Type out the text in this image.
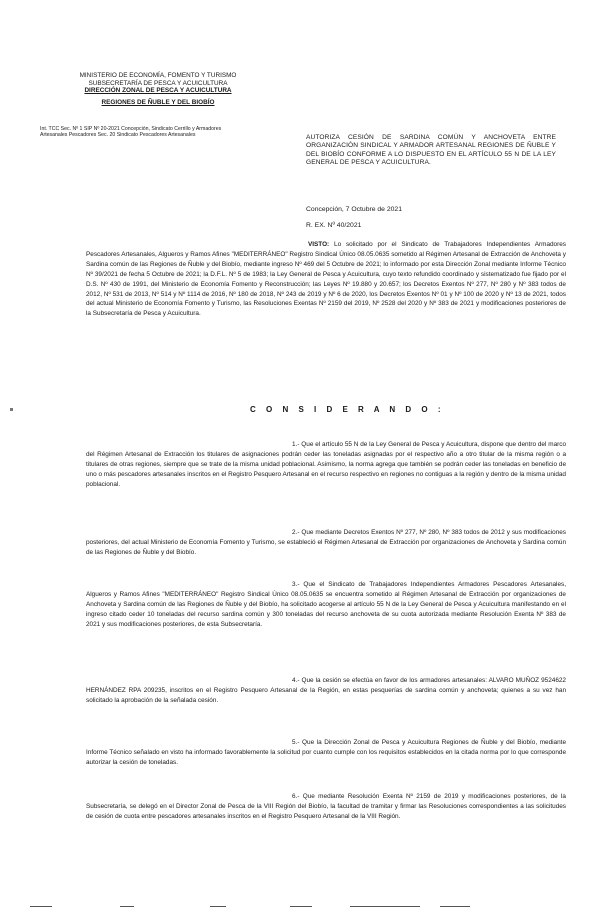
MINISTERIO DE ECONOMÍA, FOMENTO Y TURISMO
SUBSECRETARÍA DE PESCA Y ACUICULTURA
DIRECCIÓN ZONAL DE PESCA Y ACUICULTURA
REGIONES DE ÑUBLE Y DEL BIOBÍO
Int. TCC Sec. Nº 1 SIP Nº 20-2021 Concepción, Sindicato Cerrillo y Armadores
Artesanales Pescadores Sec. 20 Sindicato Pescadores Artesanales	AUTORIZA CESIÓN DE SARDINA COMÚN Y ANCHOVETA ENTRE ORGANIZACIÓN SINDICAL Y ARMADOR ARTESANAL REGIONES DE ÑUBLE Y DEL BIOBÍO CONFORME A LO DISPUESTO EN EL ARTÍCULO 55 N DE LA LEY GENERAL DE PESCA Y ACUICULTURA.
Concepción, 7 Octubre de 2021
R. EX. Nº 40/2021
VISTO: Lo solicitado por el Sindicato de Trabajadores Independientes Armadores Pescadores Artesanales, Algueros y Ramos Afines "MEDITERRÁNEO" Registro Sindical Único 08.05.0635 sometido al Régimen Artesanal de Extracción de Anchoveta y Sardina común de las Regiones de Ñuble y del Biobío, mediante ingreso Nº 469 del 5 Octubre de 2021; lo informado por esta Dirección Zonal mediante Informe Técnico Nº 39/2021 de fecha 5 Octubre de 2021; la D.F.L. Nº 5 de 1983; la Ley General de Pesca y Acuicultura, cuyo texto refundido coordinado y sistematizado fue fijado por el D.S. Nº 430 de 1991, del Ministerio de Economía Fomento y Reconstrucción; las Leyes Nº 19.880 y 20.657; los Decretos Exentos Nº 277, Nº 280 y Nº 383 todos de 2012, Nº 531 de 2013, Nº 514 y Nº 1114 de 2016, Nº 180 de 2018, Nº 243 de 2019 y Nº 6 de 2020, los Decretos Exentos Nº 01 y Nº 100 de 2020 y Nº 13 de 2021, todos del actual Ministerio de Economía Fomento y Turismo, las Resoluciones Exentas Nº 2159 del 2019, Nº 2528 del 2020 y Nº 383 de 2021 y modificaciones posteriores de la Subsecretaría de Pesca y Acuicultura.
C O N S I D E R A N D O :
1.- Que el artículo 55 N de la Ley General de Pesca y Acuicultura, dispone que dentro del marco del Régimen Artesanal de Extracción los titulares de asignaciones podrán ceder las toneladas asignadas por el respectivo año a otro titular de la misma región o a titulares de otras regiones, siempre que se trate de la misma unidad poblacional. Asimismo, la norma agrega que también se podrán ceder las toneladas en beneficio de uno o más pescadores artesanales inscritos en el Registro Pesquero Artesanal en el recurso respectivo en regiones no contiguas a la región y dentro de la misma unidad poblacional.
2.- Que mediante Decretos Exentos Nº 277, Nº 280, Nº 383 todos de 2012 y sus modificaciones posteriores, del actual Ministerio de Economía Fomento y Turismo, se estableció el Régimen Artesanal de Extracción por organizaciones de Anchoveta y Sardina común de las Regiones de Ñuble y del Biobío.
3.- Que el Sindicato de Trabajadores Independientes Armadores Pescadores Artesanales, Algueros y Ramos Afines "MEDITERRÁNEO" Registro Sindical Único 08.05.0635 se encuentra sometido al Régimen Artesanal de Extracción por organizaciones de Anchoveta y Sardina común de las Regiones de Ñuble y del Biobío, ha solicitado acogerse al artículo 55 N de la Ley General de Pesca y Acuicultura manifestando en el ingreso citado ceder 10 toneladas del recurso sardina común y 300 toneladas del recurso anchoveta de su cuota autorizada mediante Resolución Exenta Nº 383 de 2021 y sus modificaciones posteriores, de esta Subsecretaría.
4.- Que la cesión se efectúa en favor de los armadores artesanales: ALVARO MUÑOZ 9524622 HERNÁNDEZ RPA 209235, inscritos en el Registro Pesquero Artesanal de la Región, en estas pesquerías de sardina común y anchoveta; quienes a su vez han solicitado la aprobación de la señalada cesión.
5.- Que la Dirección Zonal de Pesca y Acuicultura Regiones de Ñuble y del Biobío, mediante Informe Técnico señalado en visto ha informado favorablemente la solicitud por cuanto cumple con los requisitos establecidos en la citada norma por lo que corresponde autorizar la cesión de toneladas.
6.- Que mediante Resolución Exenta Nº 2159 de 2019 y modificaciones posteriores, de la Subsecretaría, se delegó en el Director Zonal de Pesca de la VIII Región del Biobío, la facultad de tramitar y firmar las Resoluciones correspondientes a las solicitudes de cesión de cuota entre pescadores artesanales inscritos en el Registro Pesquero Artesanal de la VIII Región.
